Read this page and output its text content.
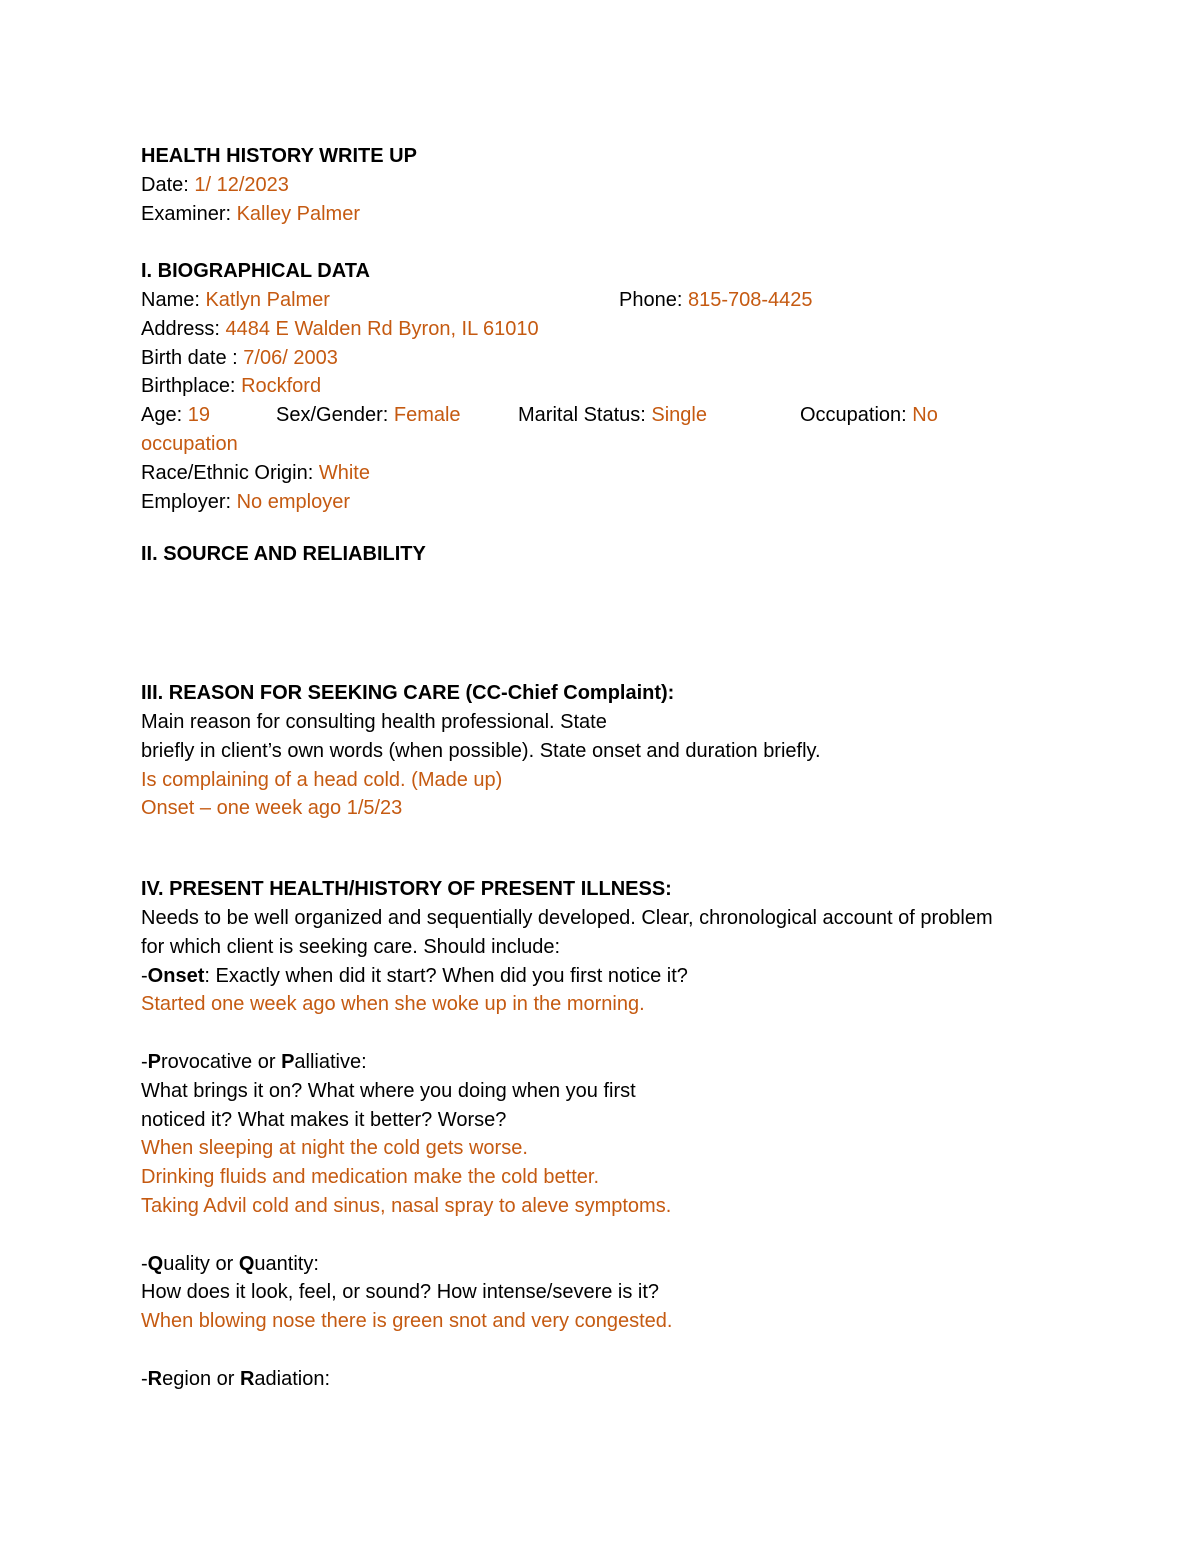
HEALTH HISTORY WRITE UP
Date: 1/ 12/2023
Examiner: Kalley Palmer
I. BIOGRAPHICAL DATA
Name: Katlyn Palmer	Phone: 815-708-4425
Address: 4484 E Walden Rd Byron, IL 61010
Birth date : 7/06/ 2003
Birthplace: Rockford
Age: 19	Sex/Gender: Female	Marital Status: Single	Occupation: No
occupation
Race/Ethnic Origin: White
Employer: No employer
II. SOURCE AND RELIABILITY
III. REASON FOR SEEKING CARE (CC-Chief Complaint):
Main reason for consulting health professional. State
briefly in client’s own words (when possible). State onset and duration briefly.
Is complaining of a head cold. (Made up)
Onset – one week ago 1/5/23
IV. PRESENT HEALTH/HISTORY OF PRESENT ILLNESS:
Needs to be well organized and sequentially developed. Clear, chronological account of problem
for which client is seeking care. Should include:
-Onset: Exactly when did it start? When did you first notice it?
Started one week ago when she woke up in the morning.
-Provocative or Palliative:
What brings it on? What where you doing when you first
noticed it? What makes it better? Worse?
When sleeping at night the cold gets worse.
Drinking fluids and medication make the cold better.
Taking Advil cold and sinus, nasal spray to aleve symptoms.
-Quality or Quantity:
How does it look, feel, or sound? How intense/severe is it?
When blowing nose there is green snot and very congested.
-Region or Radiation:
